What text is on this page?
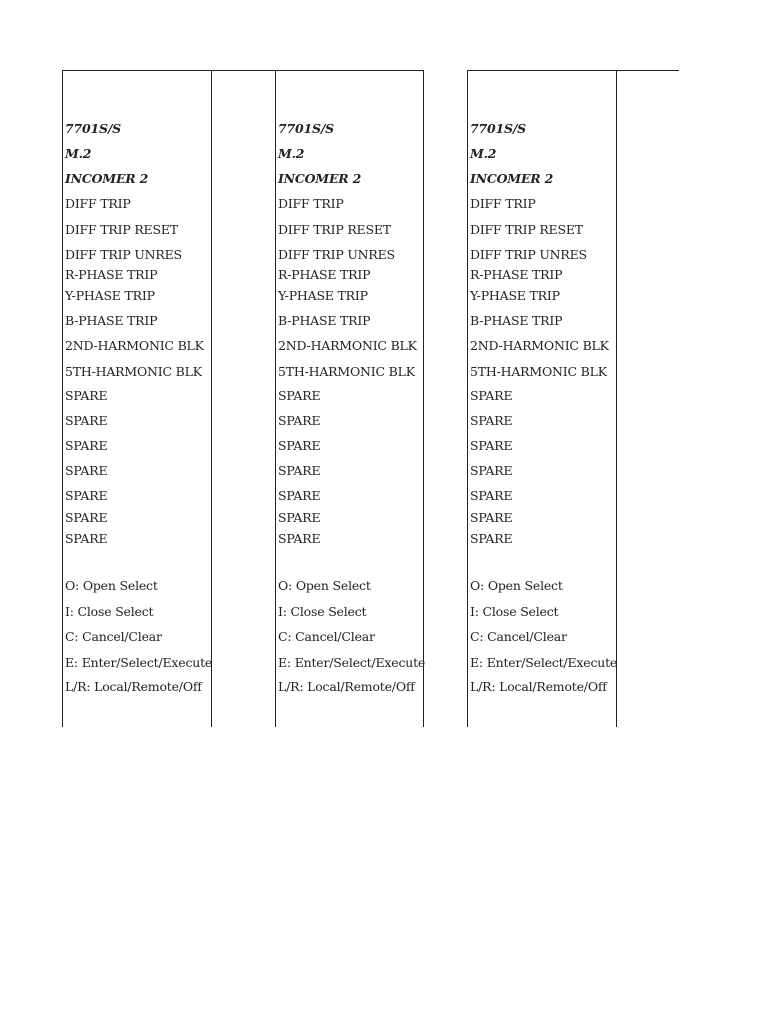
7701S/S
M.2
INCOMER 2
DIFF TRIP
DIFF TRIP RESET
DIFF TRIP UNRES
R-PHASE TRIP
Y-PHASE TRIP
B-PHASE TRIP
2ND-HARMONIC BLK
5TH-HARMONIC BLK
SPARE
SPARE
SPARE
SPARE
SPARE
SPARE
SPARE
O: Open Select
I: Close Select
C: Cancel/Clear
E: Enter/Select/Execute
L/R: Local/Remote/Off
7701S/S
M.2
INCOMER 2
DIFF TRIP
DIFF TRIP RESET
DIFF TRIP UNRES
R-PHASE TRIP
Y-PHASE TRIP
B-PHASE TRIP
2ND-HARMONIC BLK
5TH-HARMONIC BLK
SPARE
SPARE
SPARE
SPARE
SPARE
SPARE
SPARE
O: Open Select
I: Close Select
C: Cancel/Clear
E: Enter/Select/Execute
L/R: Local/Remote/Off
7701S/S
M.2
INCOMER 2
DIFF TRIP
DIFF TRIP RESET
DIFF TRIP UNRES
R-PHASE TRIP
Y-PHASE TRIP
B-PHASE TRIP
2ND-HARMONIC BLK
5TH-HARMONIC BLK
SPARE
SPARE
SPARE
SPARE
SPARE
SPARE
SPARE
O: Open Select
I: Close Select
C: Cancel/Clear
E: Enter/Select/Execute
L/R: Local/Remote/Off
